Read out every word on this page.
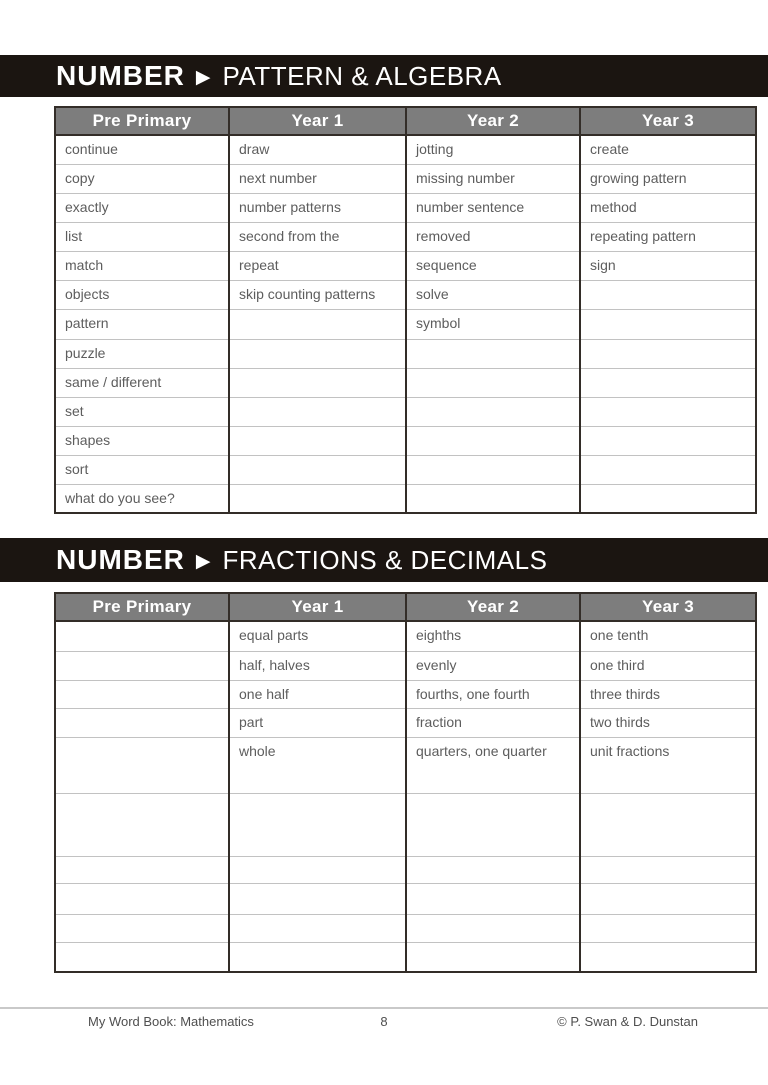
NUMBER ▶ PATTERN & ALGEBRA
Pre Primary	Year 1	Year 2	Year 3
continue	draw	jotting	create
copy	next number	missing number	growing pattern
exactly	number patterns	number sentence	method
list	second from the	removed	repeating pattern
match	repeat	sequence	sign
objects	skip counting patterns	solve	
pattern		symbol	
puzzle			
same / different			
set			
shapes			
sort			
what do you see?			
NUMBER ▶ FRACTIONS & DECIMALS
Pre Primary	Year 1	Year 2	Year 3
	equal parts	eighths	one tenth
	half, halves	evenly	one third
	one half	fourths, one fourth	three thirds
	part	fraction	two thirds
	whole	quarters, one quarter	unit fractions

My Word Book: Mathematics	8	© P. Swan & D. Dunstan
